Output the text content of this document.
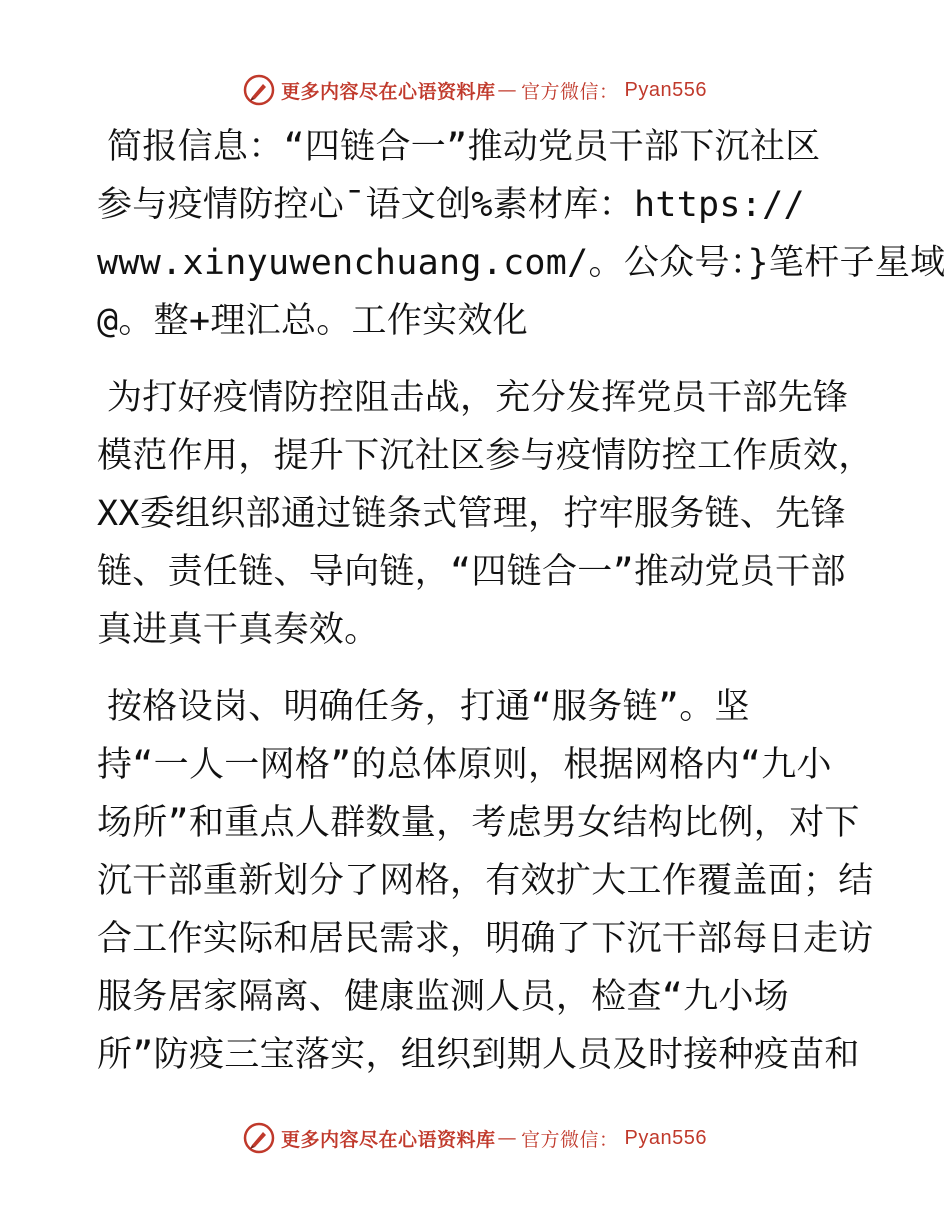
更多内容尽在心语资料库 — 官方微信 ： Pyan556
简报信息：“四链合一”推动党员干部下沉社区
参与疫情防控心¯语文创%素材库：https://
www.xinyuwenchuang.com/。公众号：}笔杆子星域
@。整+理汇总。工作实效化
为打好疫情防控阻击战，充分发挥党员干部先锋
模范作用，提升下沉社区参与疫情防控工作质效，
XX委组织部通过链条式管理，拧牢服务链、先锋
链、责任链、导向链，“四链合一”推动党员干部
真进真干真奏效。
按格设岗、明确任务，打通“服务链”。坚
持“一人一网格”的总体原则，根据网格内“九小
场所”和重点人群数量，考虑男女结构比例，对下
沉干部重新划分了网格，有效扩大工作覆盖面；结
合工作实际和居民需求，明确了下沉干部每日走访
服务居家隔离、健康监测人员，检查“九小场
所”防疫三宝落实，组织到期人员及时接种疫苗和
更多内容尽在心语资料库 — 官方微信 ： Pyan556
